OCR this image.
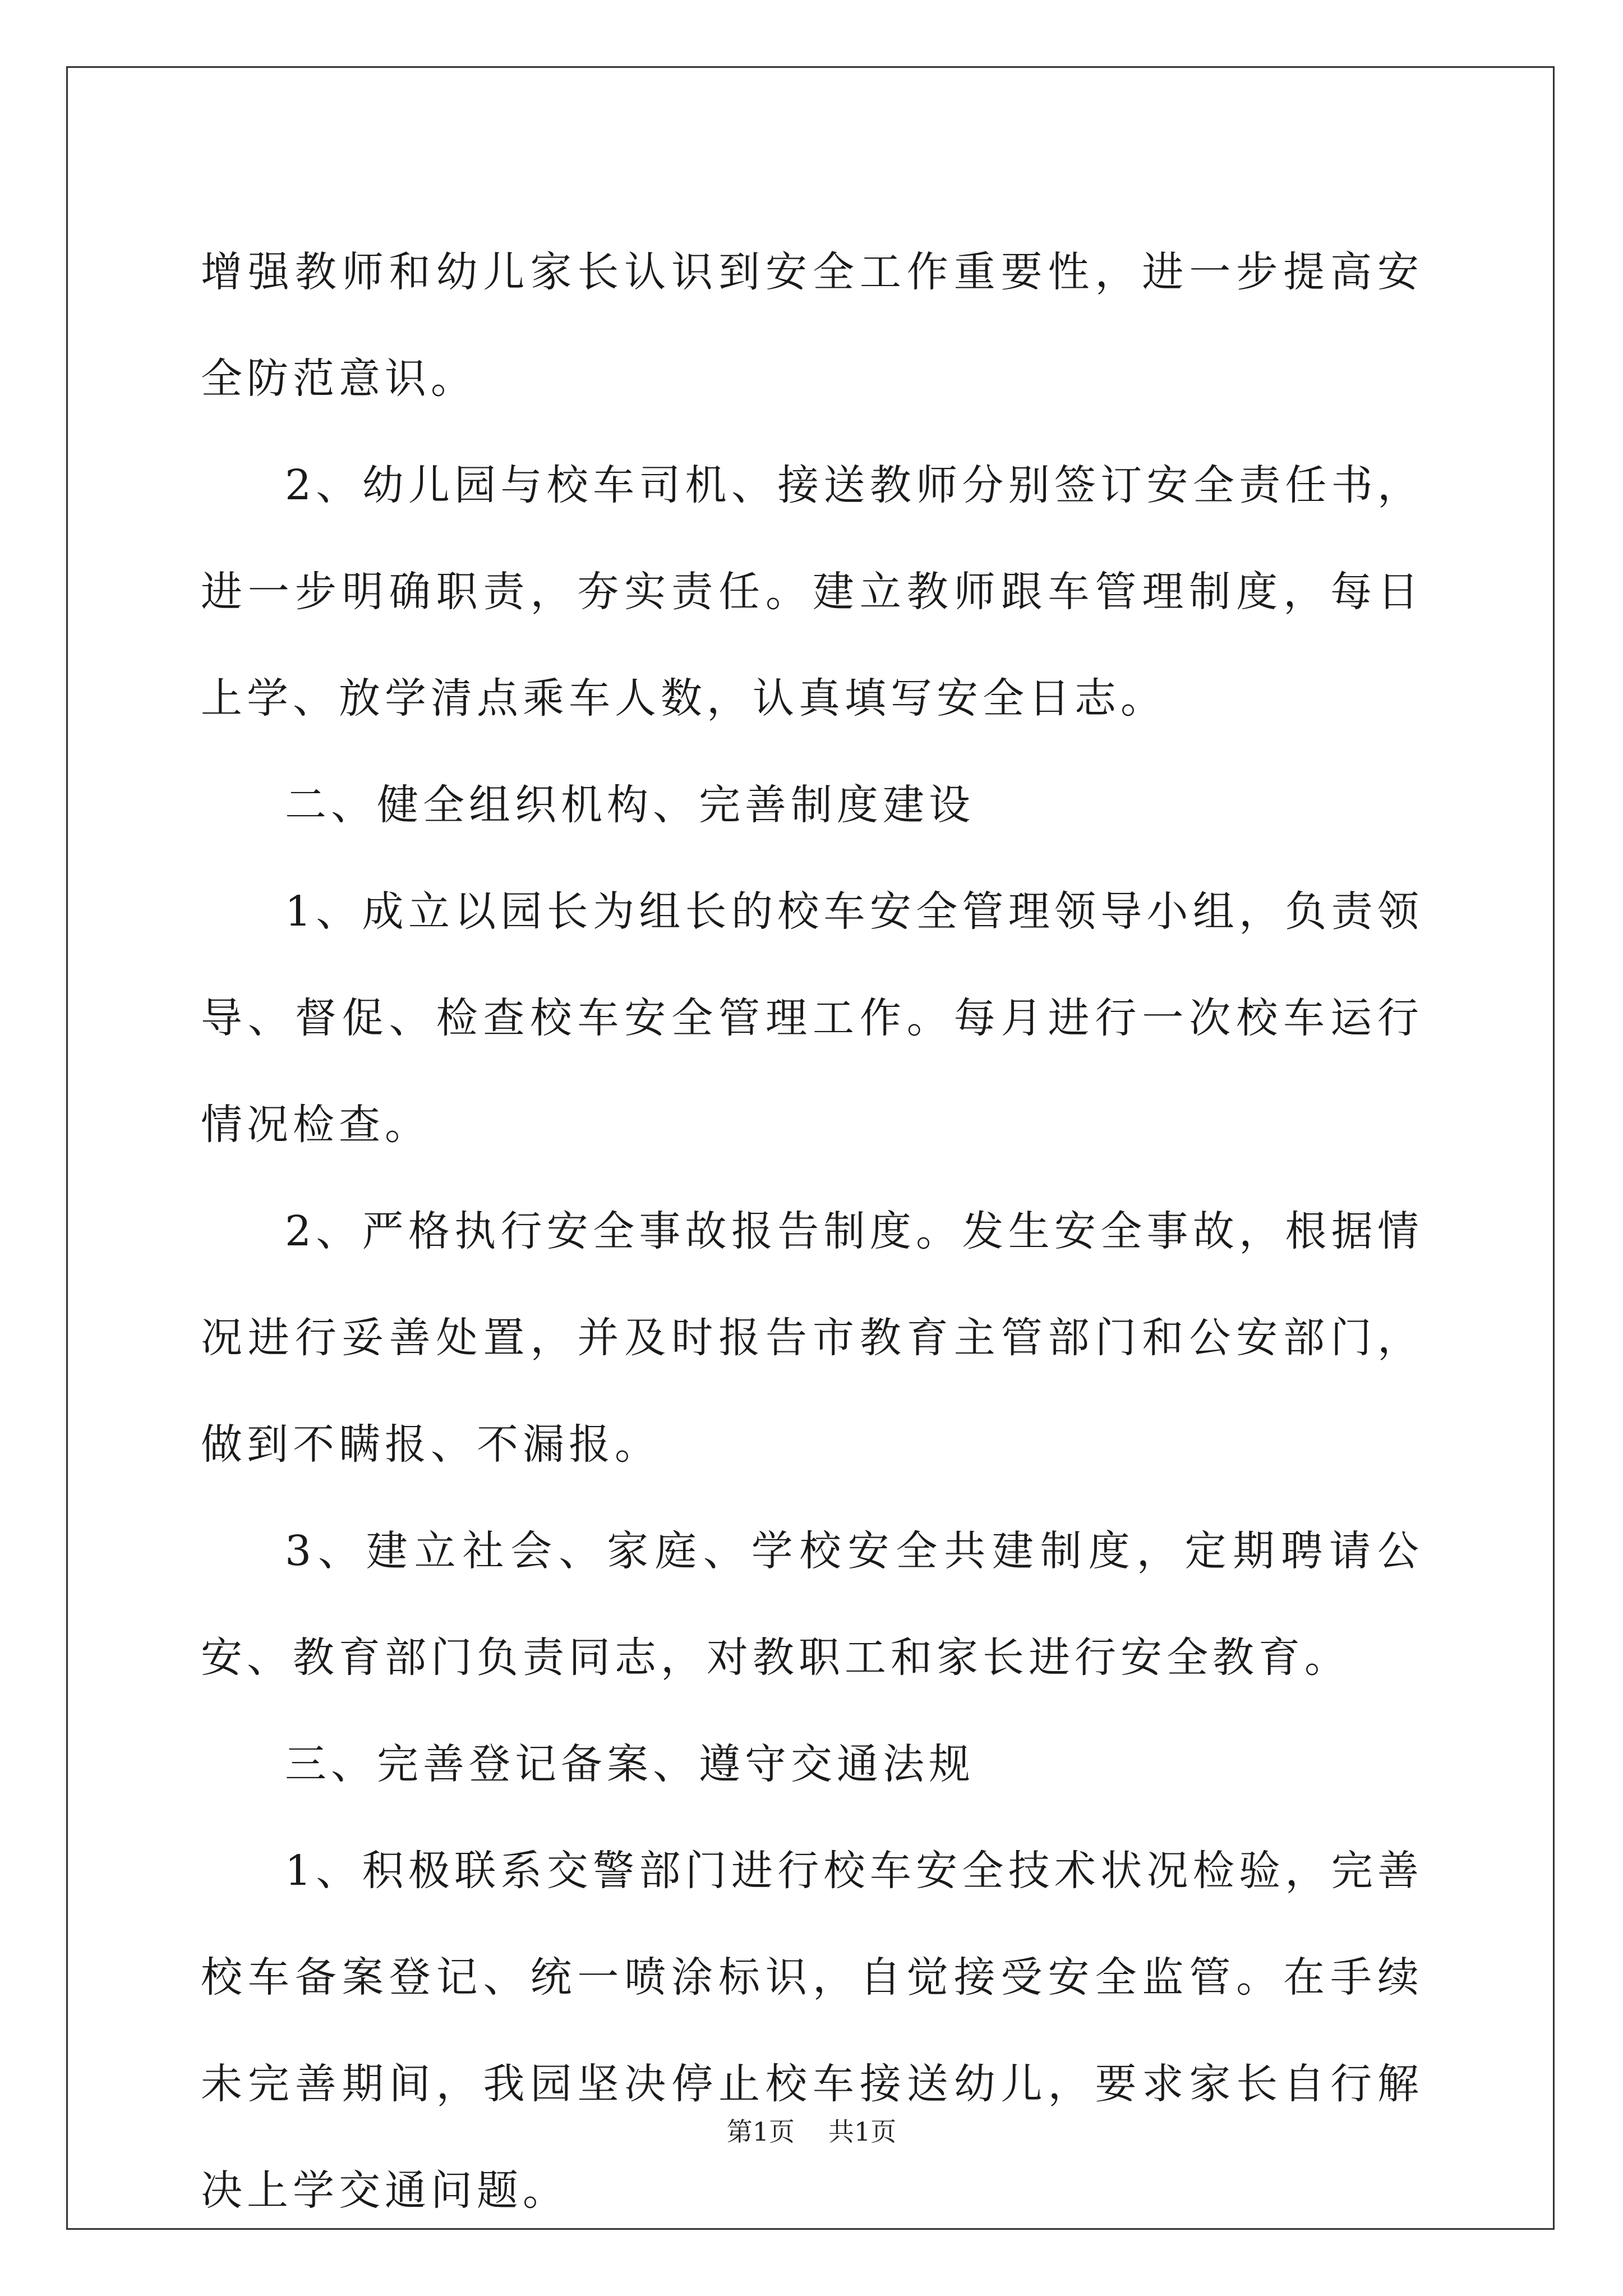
增强教师和幼儿家长认识到安全工作重要性，进一步提高安全防范意识。

2、幼儿园与校车司机、接送教师分别签订安全责任书，进一步明确职责，夯实责任。建立教师跟车管理制度，每日上学、放学清点乘车人数，认真填写安全日志。

二、健全组织机构、完善制度建设

1、成立以园长为组长的校车安全管理领导小组，负责领导、督促、检查校车安全管理工作。每月进行一次校车运行情况检查。

2、严格执行安全事故报告制度。发生安全事故，根据情况进行妥善处置，并及时报告市教育主管部门和公安部门，做到不瞒报、不漏报。

3、建立社会、家庭、学校安全共建制度，定期聘请公安、教育部门负责同志，对教职工和家长进行安全教育。

三、完善登记备案、遵守交通法规

1、积极联系交警部门进行校车安全技术状况检验，完善校车备案登记、统一喷涂标识，自觉接受安全监管。在手续未完善期间，我园坚决停止校车接送幼儿，要求家长自行解决上学交通问题。

第1页 共1页
